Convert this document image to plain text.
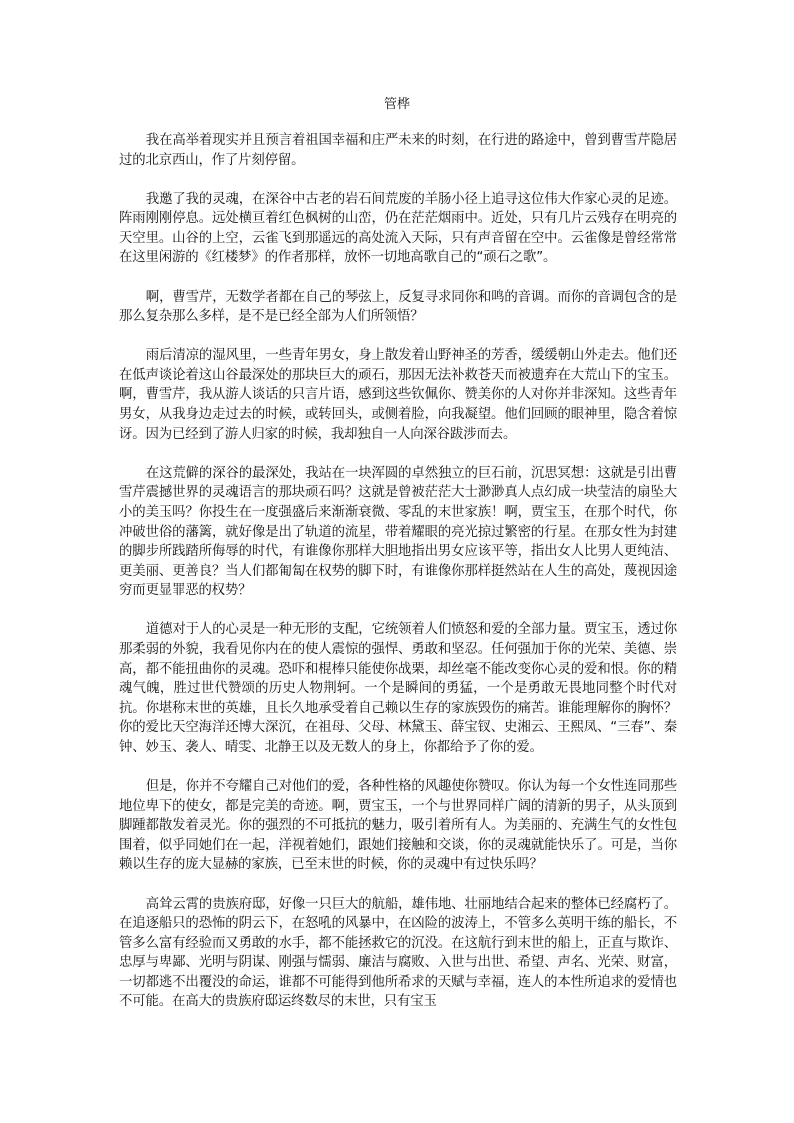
管桦

我在高举着现实并且预言着祖国幸福和庄严未来的时刻，在行进的路途中，曾到曹雪芹隐居过的北京西山，作了片刻停留。

我邀了我的灵魂，在深谷中古老的岩石间荒废的羊肠小径上追寻这位伟大作家心灵的足迹。阵雨刚刚停息。远处横亘着红色枫树的山峦，仍在茫茫烟雨中。近处，只有几片云残存在明亮的天空里。山谷的上空，云雀飞到那遥远的高处流入天际，只有声音留在空中。云雀像是曾经常常在这里闲游的《红楼梦》的作者那样，放怀一切地高歌自己的“顽石之歌”。

啊，曹雪芹，无数学者都在自己的琴弦上，反复寻求同你和鸣的音调。而你的音调包含的是那么复杂那么多样，是不是已经全部为人们所领悟？

雨后清凉的湿风里，一些青年男女，身上散发着山野神圣的芳香，缓缓朝山外走去。他们还在低声谈论着这山谷最深处的那块巨大的顽石，那因无法补救苍天而被遗弃在大荒山下的宝玉。啊，曹雪芹，我从游人谈话的只言片语，感到这些钦佩你、赞美你的人对你并非深知。这些青年男女，从我身边走过去的时候，或转回头，或侧着脸，向我凝望。他们回顾的眼神里，隐含着惊讶。因为已经到了游人归家的时候，我却独自一人向深谷跋涉而去。

在这荒僻的深谷的最深处，我站在一块浑圆的卓然独立的巨石前，沉思冥想：这就是引出曹雪芹震撼世界的灵魂语言的那块顽石吗？这就是曾被茫茫大士渺渺真人点幻成一块莹洁的扇坠大小的美玉吗？你投生在一度强盛后来渐渐衰微、零乱的末世家族！啊，贾宝玉，在那个时代，你冲破世俗的藩篱，就好像是出了轨道的流星，带着耀眼的亮光掠过繁密的行星。在那女性为封建的脚步所践踏所侮辱的时代，有谁像你那样大胆地指出男女应该平等，指出女人比男人更纯洁、更美丽、更善良？当人们都匍匐在权势的脚下时，有谁像你那样挺然站在人生的高处，蔑视因途穷而更显罪恶的权势？

道德对于人的心灵是一种无形的支配，它统领着人们愤怒和爱的全部力量。贾宝玉，透过你那柔弱的外貌，我看见你内在的使人震惊的强悍、勇敢和坚忍。任何强加于你的光荣、美德、崇高，都不能扭曲你的灵魂。恐吓和棍棒只能使你战栗，却丝毫不能改变你心灵的爱和恨。你的精魂气魄，胜过世代赞颂的历史人物荆轲。一个是瞬间的勇猛，一个是勇敢无畏地同整个时代对抗。你堪称末世的英雄，且长久地承受着自己赖以生存的家族毁伤的痛苦。谁能理解你的胸怀？你的爱比天空海洋还博大深沉，在祖母、父母、林黛玉、薛宝钗、史湘云、王熙凤、“三春”、秦钟、妙玉、袭人、晴雯、北静王以及无数人的身上，你都给予了你的爱。

但是，你并不夸耀自己对他们的爱，各种性格的风趣使你赞叹。你认为每一个女性连同那些地位卑下的使女，都是完美的奇迹。啊，贾宝玉，一个与世界同样广阔的清新的男子，从头顶到脚踵都散发着灵光。你的强烈的不可抵抗的魅力，吸引着所有人。为美丽的、充满生气的女性包围着，似乎同她们在一起，洋视着她们，跟她们接触和交谈，你的灵魂就能快乐了。可是，当你赖以生存的庞大显赫的家族，已至末世的时候，你的灵魂中有过快乐吗？

高耸云霄的贵族府邸，好像一只巨大的航船，雄伟地、壮丽地结合起来的整体已经腐朽了。在追逐船只的恐怖的阴云下，在怒吼的风暴中，在凶险的波涛上，不管多么英明干练的船长，不管多么富有经验而又勇敢的水手，都不能拯救它的沉没。在这航行到末世的船上，正直与欺诈、忠厚与卑鄙、光明与阴谋、刚强与懦弱、廉洁与腐败、入世与出世、希望、声名、光荣、财富，一切都逃不出覆没的命运，谁都不可能得到他所希求的天赋与幸福，连人的本性所追求的爱情也不可能。在高大的贵族府邸运终数尽的末世，只有宝玉
